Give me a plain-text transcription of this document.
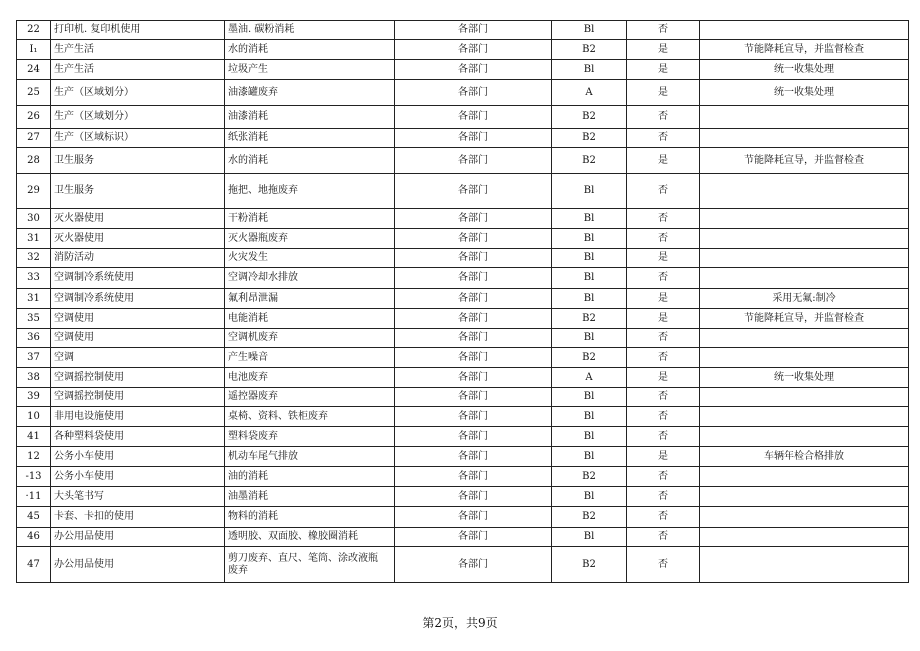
22	打印机. 复印机使用	墨油. 碳粉消耗	各部门	Bl	否	
I₁	生产生活	水的消耗	各部门	B2	是	节能降耗宣导，并监督检查
24	生产生活	垃圾产生	各部门	Bl	是	统一收集处理
25	生产（区域划分）	油漆罐废弃	各部门	A	是	统一收集处理
26	生产（区域划分）	油漆消耗	各部门	B2	否	
27	生产（区域标识）	纸张消耗	各部门	B2	否	
28	卫生服务	水的消耗	各部门	B2	是	节能降耗宣导，并监督检查
29	卫生服务	拖把、地拖废弃	各部门	Bl	否	
30	灭火器使用	干粉消耗	各部门	Bl	否	
31	灭火器使用	灭火器瓶废弃	各部门	Bl	否	
32	消防活动	火灾发生	各部门	Bl	是	
33	空调制冷系统使用	空调冷却水排放	各部门	Bl	否	
31	空调制冷系统使用	氟利昂泄漏	各部门	Bl	是	采用无氟:制冷
35	空调使用	电能消耗	各部门	B2	是	节能降耗宣导，并监督检查
36	空调使用	空调机废弃	各部门	Bl	否	
37	空调	产生噪音	各部门	B2	否	
38	空调摇控制使用	电池废弃	各部门	A	是	统一收集处理
39	空调摇控制使用	遥控器废弃	各部门	Bl	否	
10	非用电设施使用	桌椅、资料、铁柜废弃	各部门	Bl	否	
41	各种塑料袋使用	塑料袋废弃	各部门	Bl	否	
12	公务小车使用	机动车尾气排放	各部门	Bl	是	车辆年检合格排放
-13	公务小车使用	油的消耗	各部门	B2	否	
·11	大头笔书写	油墨消耗	各部门	Bl	否	
45	卡套、卡扣的使用	物料的消耗	各部门	B2	否	
46	办公用品使用	透明胶、双面胶、橡胶圈消耗	各部门	Bl	否	
47	办公用品使用	剪刀废弃、直尺、笔筒、涂改液瓶 废弃	各部门	B2	否	
第2页，共9页
